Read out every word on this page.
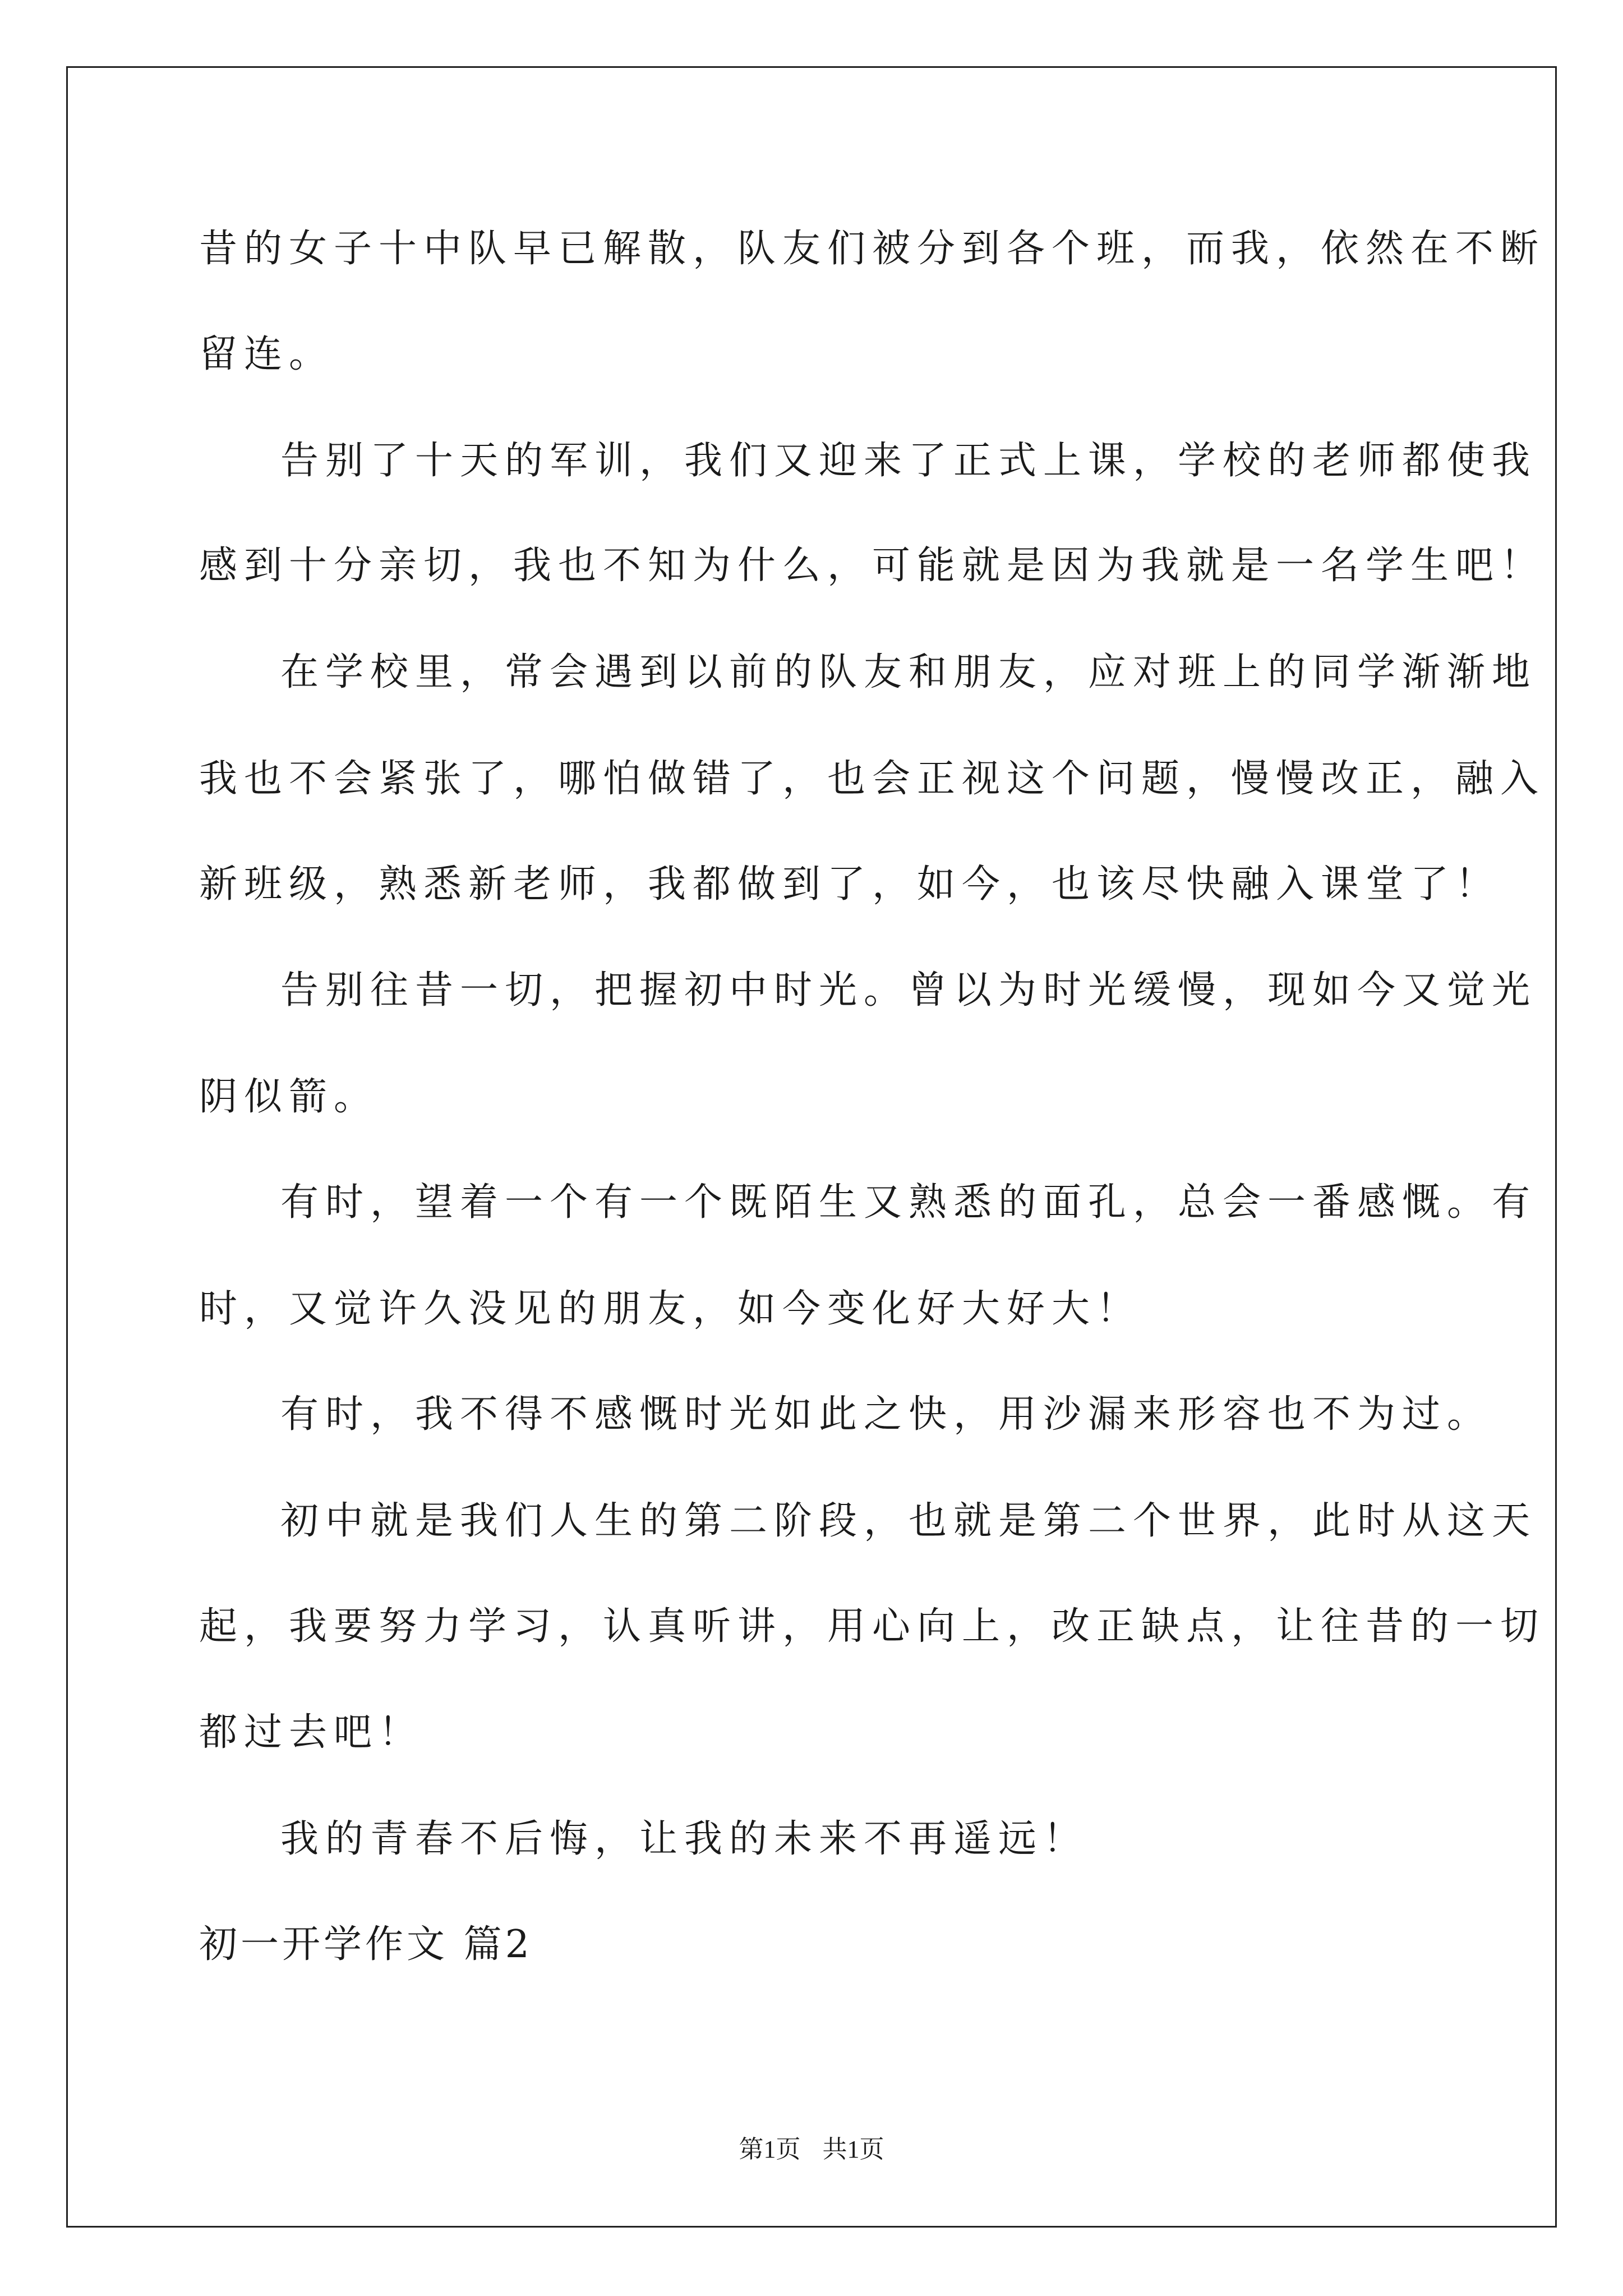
昔的女子十中队早已解散，队友们被分到各个班，而我，依然在不断
留连。
告别了十天的军训，我们又迎来了正式上课，学校的老师都使我
感到十分亲切，我也不知为什么，可能就是因为我就是一名学生吧！
在学校里，常会遇到以前的队友和朋友，应对班上的同学渐渐地
我也不会紧张了，哪怕做错了，也会正视这个问题，慢慢改正，融入
新班级，熟悉新老师，我都做到了，如今，也该尽快融入课堂了！
告别往昔一切，把握初中时光。曾以为时光缓慢，现如今又觉光
阴似箭。
有时，望着一个有一个既陌生又熟悉的面孔，总会一番感慨。有
时，又觉许久没见的朋友，如今变化好大好大！
有时，我不得不感慨时光如此之快，用沙漏来形容也不为过。
初中就是我们人生的第二阶段，也就是第二个世界，此时从这天
起，我要努力学习，认真听讲，用心向上，改正缺点，让往昔的一切
都过去吧！
我的青春不后悔，让我的未来不再遥远！
初一开学作文 篇2
第1页 共1页
